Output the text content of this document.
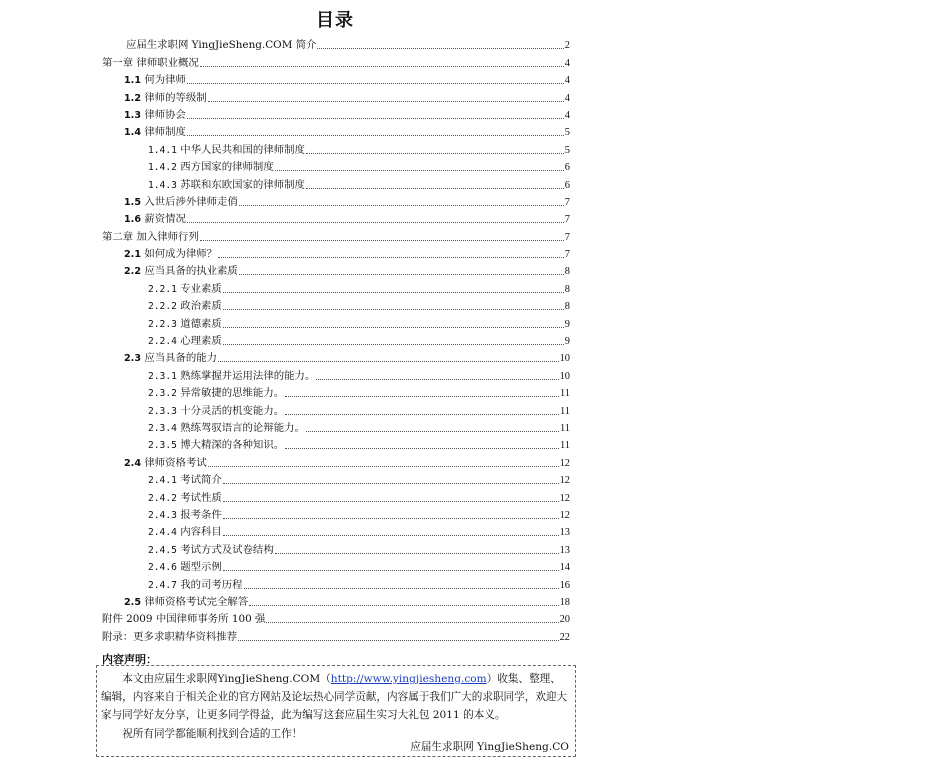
目录
应届生求职网 YingJieSheng.COM 简介	2
第一章 律师职业概况	4
1.1 何为律师	4
1.2 律师的等级制	4
1.3 律师协会	4
1.4 律师制度	5
1.4.1 中华人民共和国的律师制度	5
1.4.2 西方国家的律师制度	6
1.4.3 苏联和东欧国家的律师制度	6
1.5 入世后涉外律师走俏	7
1.6 薪资情况	7
第二章 加入律师行列	7
2.1 如何成为律师？	7
2.2 应当具备的执业素质	8
2.2.1 专业素质	8
2.2.2 政治素质	8
2.2.3 道德素质	9
2.2.4 心理素质	9
2.3 应当具备的能力	10
2.3.1 熟练掌握并运用法律的能力。	10
2.3.2 异常敏捷的思维能力。	11
2.3.3 十分灵活的机变能力。	11
2.3.4 熟练驾驭语言的论辩能力。	11
2.3.5 博大精深的各种知识。	11
2.4 律师资格考试	12
2.4.1 考试简介	12
2.4.2 考试性质	12
2.4.3 报考条件	12
2.4.4 内容科目	13
2.4.5 考试方式及试卷结构	13
2.4.6 题型示例	14
2.4.7 我的司考历程	16
2.5 律师资格考试完全解答	18
附件 2009 中国律师事务所 100 强	20
附录：更多求职精华资料推荐	22
内容声明：

本文由应届生求职网YingJieSheng.COM（http://www.yingjiesheng.com）收集、整理、编辑，内容来自于相关企业的官方网站及论坛热心同学贡献，内容属于我们广大的求职同学，欢迎大家与同学好友分享，让更多同学得益，此为编写这套应届生实习大礼包 2011 的本义。

祝所有同学都能顺利找到合适的工作！

应届生求职网 YingJieSheng.CO
